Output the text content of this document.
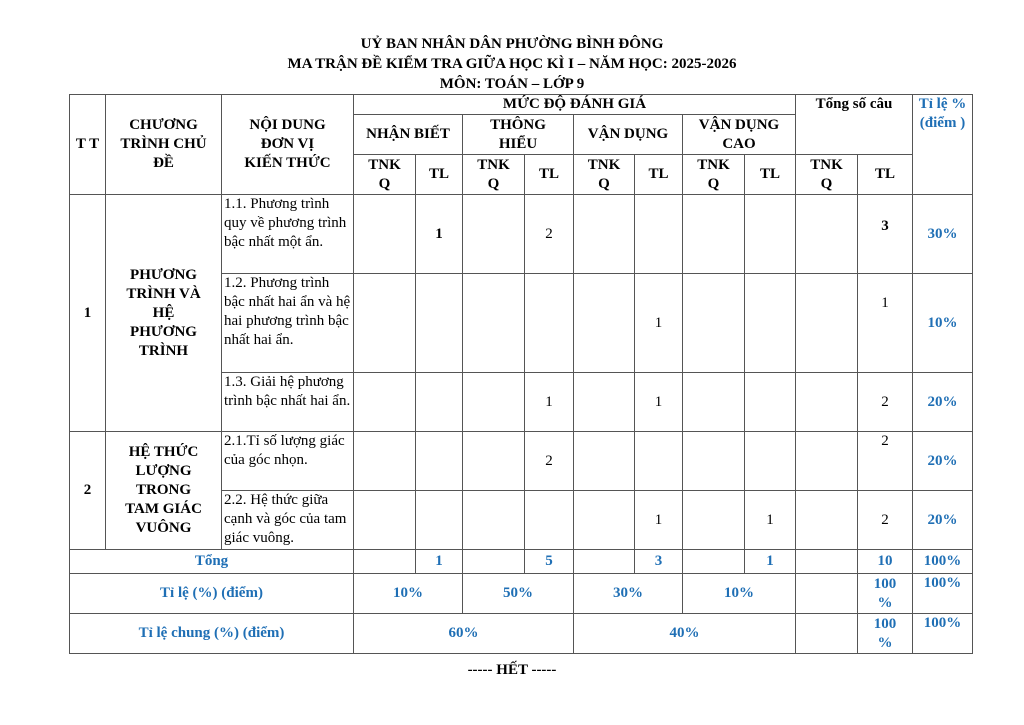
UỶ BAN NHÂN DÂN PHƯỜNG BÌNH ĐÔNG
MA TRẬN ĐỀ KIỂM TRA GIỮA HỌC KÌ I – NĂM HỌC: 2025-2026
MÔN: TOÁN – LỚP 9
T T	CHƯƠNG TRÌNH CHỦ ĐỀ	NỘI DUNG ĐƠN VỊ KIẾN THỨC	MỨC ĐỘ ĐÁNH GIÁ								Tổng số câu		Tỉ lệ % (điểm )
			NHẬN BIẾT		THÔNG HIỂU		VẬN DỤNG		VẬN DỤNG CAO				
			TNK Q	TL	TNK Q	TL	TNK Q	TL	TNK Q	TL	TNK Q	TL	
1	PHƯƠNG TRÌNH VÀ HỆ PHƯƠNG TRÌNH	1.1. Phương trình quy về phương trình bậc nhất một ẩn.		1		2						3	30%
		1.2. Phương trình bậc nhất hai ẩn và hệ hai phương trình bậc nhất hai ẩn.						1				1	10%
		1.3. Giải hệ phương trình bậc nhất hai ẩn.				1		1				2	20%
2	HỆ THỨC LƯỢNG TRONG TAM GIÁC VUÔNG	2.1.Tỉ số lượng giác của góc nhọn.				2						2	20%
		2.2. Hệ thức giữa cạnh và góc của tam giác vuông.						1		1		2	20%
Tổng				1		5		3		1		10	100%
Tỉ lệ (%) (điểm)			10%		50%		30%		10%			100 %	100%
Tỉ lệ chung (%) (điểm)			60%				40%					100 %	100%
----- HẾT -----
